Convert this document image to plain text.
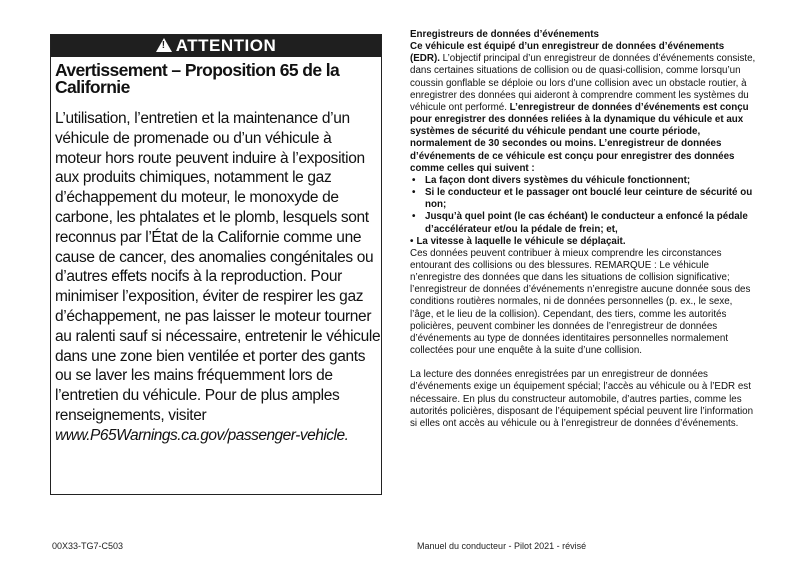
!ATTENTION
Avertissement – Proposition 65 de la Californie
L’utilisation, l’entretien et la maintenance d’un véhicule de promenade ou d’un véhicule à moteur hors route peuvent induire à l’exposition aux produits chimiques, notamment le gaz d’échappement du moteur, le monoxyde de carbone, les phtalates et le plomb, lesquels sont reconnus par l’État de la Californie comme une cause de cancer, des anomalies congénitales ou d’autres effets nocifs à la reproduction. Pour minimiser l’exposition, éviter de respirer les gaz d’échappement, ne pas laisser le moteur tourner au ralenti sauf si nécessaire, entretenir le véhicule dans une zone bien ventilée et porter des gants ou se laver les mains fréquemment lors de l’entretien du véhicule. Pour de plus amples renseignements, visiter www.P65Warnings.ca.gov/passenger-vehicle.

Enregistreurs de données d’événements

Ce véhicule est équipé d’un enregistreur de données d’événements (EDR). L’objectif principal d’un enregistreur de données d’événements consiste, dans certaines situations de collision ou de quasi-collision, comme lorsqu’un coussin gonflable se déploie ou lors d’une collision avec un obstacle routier, à enregistrer des données qui aideront à comprendre comment les systèmes du véhicule ont performé. L’enregistreur de données d’événements est conçu pour enregistrer des données reliées à la dynamique du véhicule et aux systèmes de sécurité du véhicule pendant une courte période, normalement de 30 secondes ou moins. L’enregistreur de données d’événements de ce véhicule est conçu pour enregistrer des données comme celles qui suivent :

• La façon dont divers systèmes du véhicule fonctionnent;
• Si le conducteur et le passager ont bouclé leur ceinture de sécurité ou non;
• Jusqu’à quel point (le cas échéant) le conducteur a enfoncé la pédale d’accélérateur et/ou la pédale de frein; et,
• La vitesse à laquelle le véhicule se déplaçait.

Ces données peuvent contribuer à mieux comprendre les circonstances entourant des collisions ou des blessures. REMARQUE : Le véhicule n’enregistre des données que dans les situations de collision significative; l’enregistreur de données d’événements n’enregistre aucune donnée sous des conditions routières normales, ni de données personnelles (p. ex., le sexe, l’âge, et le lieu de la collision). Cependant, des tiers, comme les autorités policières, peuvent combiner les données de l’enregistreur de données d’événements au type de données identitaires personnelles normalement collectées pour une enquête à la suite d’une collision.

La lecture des données enregistrées par un enregistreur de données d’événements exige un équipement spécial; l’accès au véhicule ou à l’EDR est nécessaire. En plus du constructeur automobile, d’autres parties, comme les autorités policières, disposant de l’équipement spécial peuvent lire l’information si elles ont accès au véhicule ou à l’enregistreur de données d’événements.

00X33-TG7-C503	Manuel du conducteur - Pilot 2021 - révisé
